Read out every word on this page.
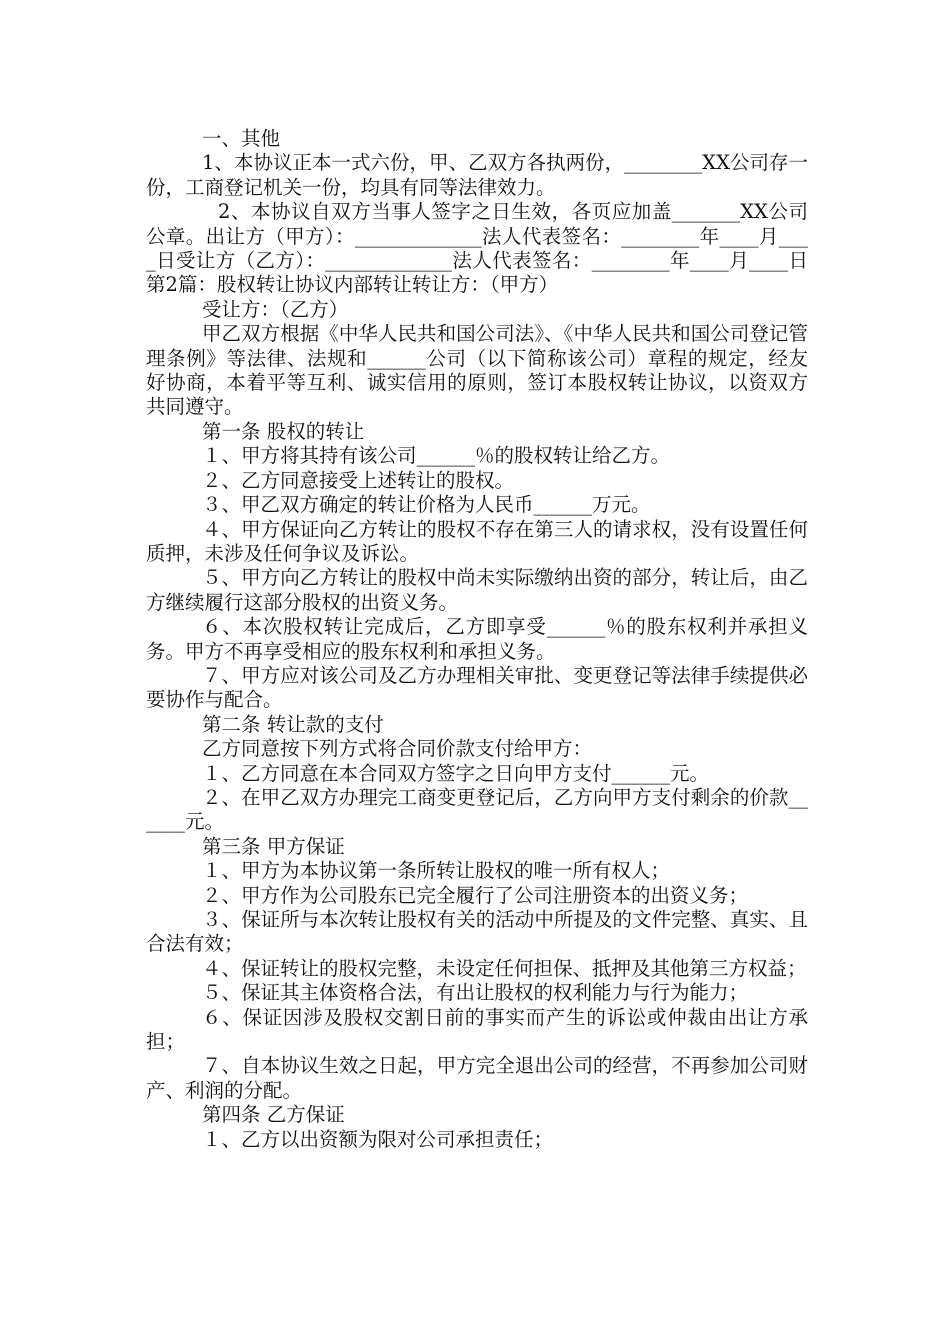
一、其他

1、本协议正本一式六份，甲、乙双方各执两份，________XX公司存一份，工商登记机关一份，均具有同等法律效力。

2、本协议自双方当事人签字之日生效，各页应加盖_______XX公司公章。出让方（甲方）：_____________法人代表签名：________年____月____日受让方（乙方）：_____________法人代表签名：________年____月____日第2篇：股权转让协议内部转让转让方：（甲方）

受让方：（乙方）

甲乙双方根据《中华人民共和国公司法》、《中华人民共和国公司登记管理条例》等法律、法规和______公司（以下简称该公司）章程的规定，经友好协商，本着平等互利、诚实信用的原则，签订本股权转让协议，以资双方共同遵守。

第一条 股权的转让

１、甲方将其持有该公司______％的股权转让给乙方。

２、乙方同意接受上述转让的股权。

３、甲乙双方确定的转让价格为人民币______万元。

４、甲方保证向乙方转让的股权不存在第三人的请求权，没有设置任何质押，未涉及任何争议及诉讼。

５、甲方向乙方转让的股权中尚未实际缴纳出资的部分，转让后，由乙方继续履行这部分股权的出资义务。

６、本次股权转让完成后，乙方即享受______％的股东权利并承担义务。甲方不再享受相应的股东权利和承担义务。

７、甲方应对该公司及乙方办理相关审批、变更登记等法律手续提供必要协作与配合。

第二条 转让款的支付

乙方同意按下列方式将合同价款支付给甲方：

１、乙方同意在本合同双方签字之日向甲方支付______元。

２、在甲乙双方办理完工商变更登记后，乙方向甲方支付剩余的价款______元。

第三条 甲方保证

１、甲方为本协议第一条所转让股权的唯一所有权人；

２、甲方作为公司股东已完全履行了公司注册资本的出资义务；

３、保证所与本次转让股权有关的活动中所提及的文件完整、真实、且合法有效；

４、保证转让的股权完整，未设定任何担保、抵押及其他第三方权益；

５、保证其主体资格合法，有出让股权的权利能力与行为能力；

６、保证因涉及股权交割日前的事实而产生的诉讼或仲裁由出让方承担；

７、自本协议生效之日起，甲方完全退出公司的经营，不再参加公司财产、利润的分配。

第四条 乙方保证

１、乙方以出资额为限对公司承担责任；
